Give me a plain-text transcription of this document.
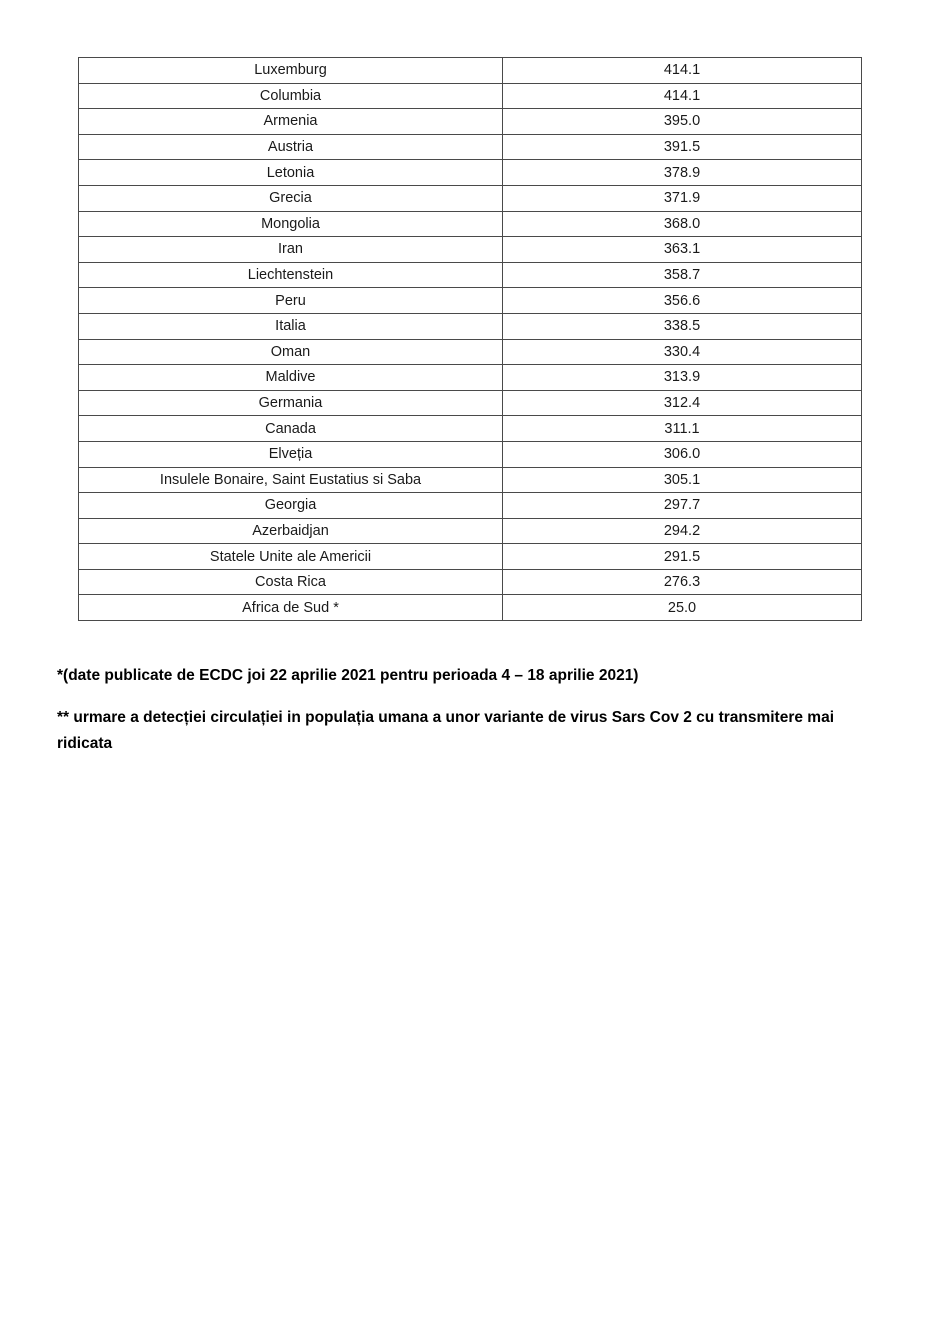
Luxemburg	414.1
Columbia	414.1
Armenia	395.0
Austria	391.5
Letonia	378.9
Grecia	371.9
Mongolia	368.0
Iran	363.1
Liechtenstein	358.7
Peru	356.6
Italia	338.5
Oman	330.4
Maldive	313.9
Germania	312.4
Canada	311.1
Elveția	306.0
Insulele Bonaire, Saint Eustatius si Saba	305.1
Georgia	297.7
Azerbaidjan	294.2
Statele Unite ale Americii	291.5
Costa Rica	276.3
Africa de Sud *	25.0
*(date publicate de ECDC joi 22 aprilie 2021 pentru perioada 4 – 18 aprilie 2021)
** urmare a detecției circulației in populația umana a unor variante de virus Sars Cov 2 cu transmitere mai ridicata
